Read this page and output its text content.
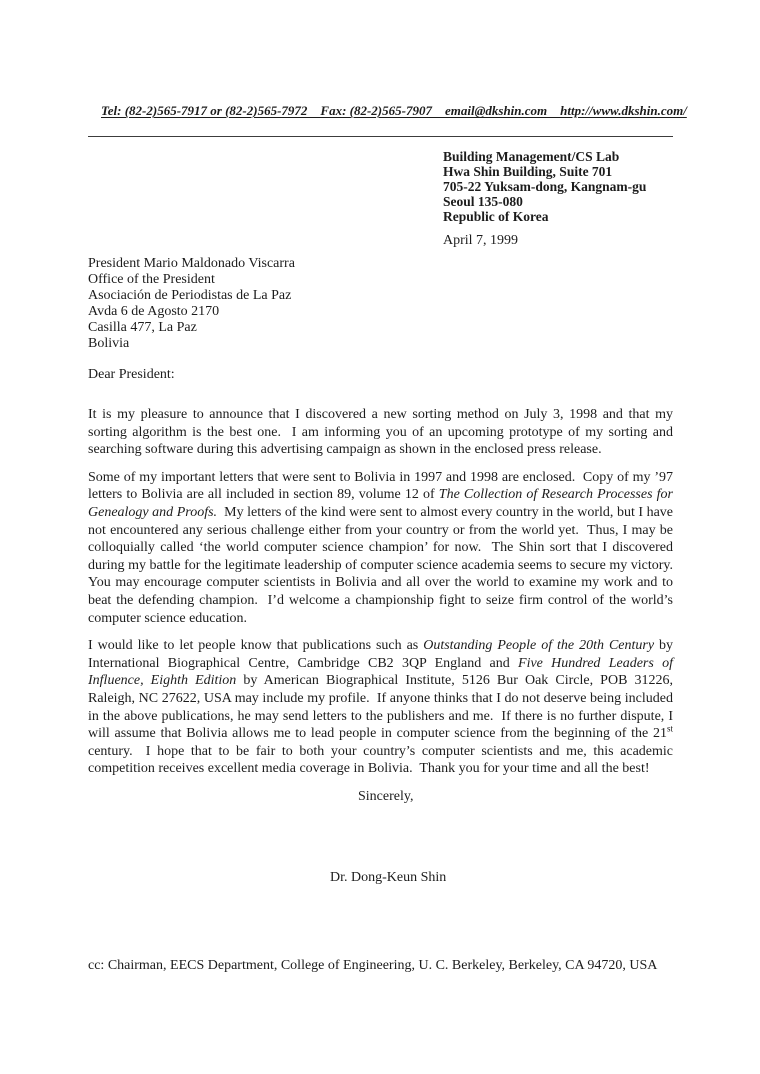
Tel: (82-2)565-7917 or (82-2)565-7972    Fax: (82-2)565-7907    email@dkshin.com    http://www.dkshin.com/

Building Management/CS Lab
Hwa Shin Building, Suite 701
705-22 Yuksam-dong, Kangnam-gu
Seoul 135-080
Republic of Korea
April 7, 1999
President Mario Maldonado Viscarra
Office of the President
Asociación de Periodistas de La Paz
Avda 6 de Agosto 2170
Casilla 477, La Paz
Bolivia
Dear President:
It is my pleasure to announce that I discovered a new sorting method on July 3, 1998 and that my sorting algorithm is the best one.  I am informing you of an upcoming prototype of my sorting and searching software during this advertising campaign as shown in the enclosed press release.
Some of my important letters that were sent to Bolivia in 1997 and 1998 are enclosed.  Copy of my ’97 letters to Bolivia are all included in section 89, volume 12 of The Collection of Research Processes for Genealogy and Proofs.  My letters of the kind were sent to almost every country in the world, but I have not encountered any serious challenge either from your country or from the world yet.  Thus, I may be colloquially called ‘the world computer science champion’ for now.  The Shin sort that I discovered during my battle for the legitimate leadership of computer science academia seems to secure my victory.  You may encourage computer scientists in Bolivia and all over the world to examine my work and to beat the defending champion.  I’d welcome a championship fight to seize firm control of the world’s computer science education.
I would like to let people know that publications such as Outstanding People of the 20th Century by International Biographical Centre, Cambridge CB2 3QP England and Five Hundred Leaders of Influence, Eighth Edition by American Biographical Institute, 5126 Bur Oak Circle, POB 31226, Raleigh, NC 27622, USA may include my profile.  If anyone thinks that I do not deserve being included in the above publications, he may send letters to the publishers and me.  If there is no further dispute, I will assume that Bolivia allows me to lead people in computer science from the beginning of the 21st century.  I hope that to be fair to both your country’s computer scientists and me, this academic competition receives excellent media coverage in Bolivia.  Thank you for your time and all the best!
Sincerely,
Dr. Dong-Keun Shin
cc: Chairman, EECS Department, College of Engineering, U. C. Berkeley, Berkeley, CA 94720, USA
